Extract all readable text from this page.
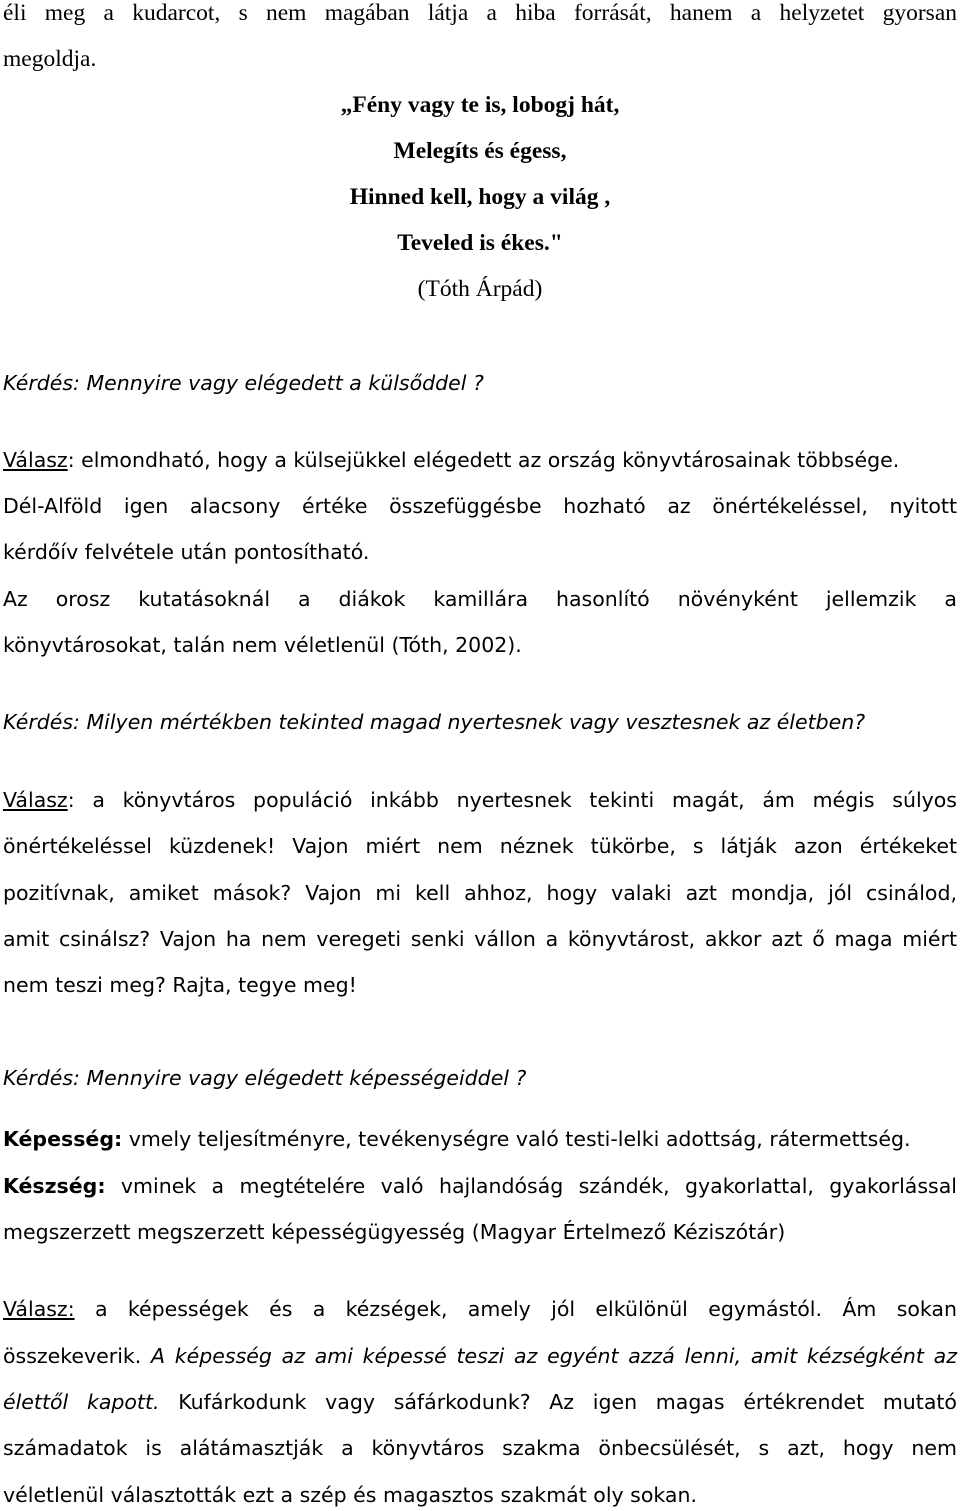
éli meg a kudarcot, s nem magában látja a hiba forrását, hanem a helyzetet gyorsan
megoldja.
„Fény vagy te is, lobogj hát,
Melegíts és égess,
Hinned kell, hogy a világ ,
Teveled is ékes."
(Tóth Árpád)
Kérdés: Mennyire vagy elégedett a külsőddel ?
Válasz: elmondható, hogy a külsejükkel elégedett az ország könyvtárosainak többsége.
Dél-Alföld igen alacsony értéke összefüggésbe hozható az önértékeléssel, nyitott
kérdőív felvétele után pontosítható.
Az orosz kutatásoknál a diákok kamillára hasonlító növényként jellemzik a
könyvtárosokat, talán nem véletlenül (Tóth, 2002).
Kérdés: Milyen mértékben tekinted magad nyertesnek vagy vesztesnek az életben?
Válasz: a könyvtáros populáció inkább nyertesnek tekinti magát, ám mégis súlyos
önértékeléssel küzdenek! Vajon miért nem néznek tükörbe, s látják azon értékeket
pozitívnak, amiket mások? Vajon mi kell ahhoz, hogy valaki azt mondja, jól csinálod,
amit csinálsz? Vajon ha nem veregeti senki vállon a könyvtárost, akkor azt ő maga miért
nem teszi meg? Rajta, tegye meg!
Kérdés: Mennyire vagy elégedett képességeiddel ?
Képesség: vmely teljesítményre, tevékenységre való testi-lelki adottság, rátermettség.
Készség: vminek a megtételére való hajlandóság szándék, gyakorlattal, gyakorlással
megszerzett megszerzett képességügyesség (Magyar Értelmező Kéziszótár)
Válasz: a képességek és a kézségek, amely jól elkülönül egymástól. Ám sokan
összekeverik. A képesség az ami képessé teszi az egyént azzá lenni, amit kézségként az
élettől kapott. Kufárkodunk vagy sáfárkodunk? Az igen magas értékrendet mutató
számadatok is alátámasztják a könyvtáros szakma önbecsülését, s azt, hogy nem
véletlenül választották ezt a szép és magasztos szakmát oly sokan.
